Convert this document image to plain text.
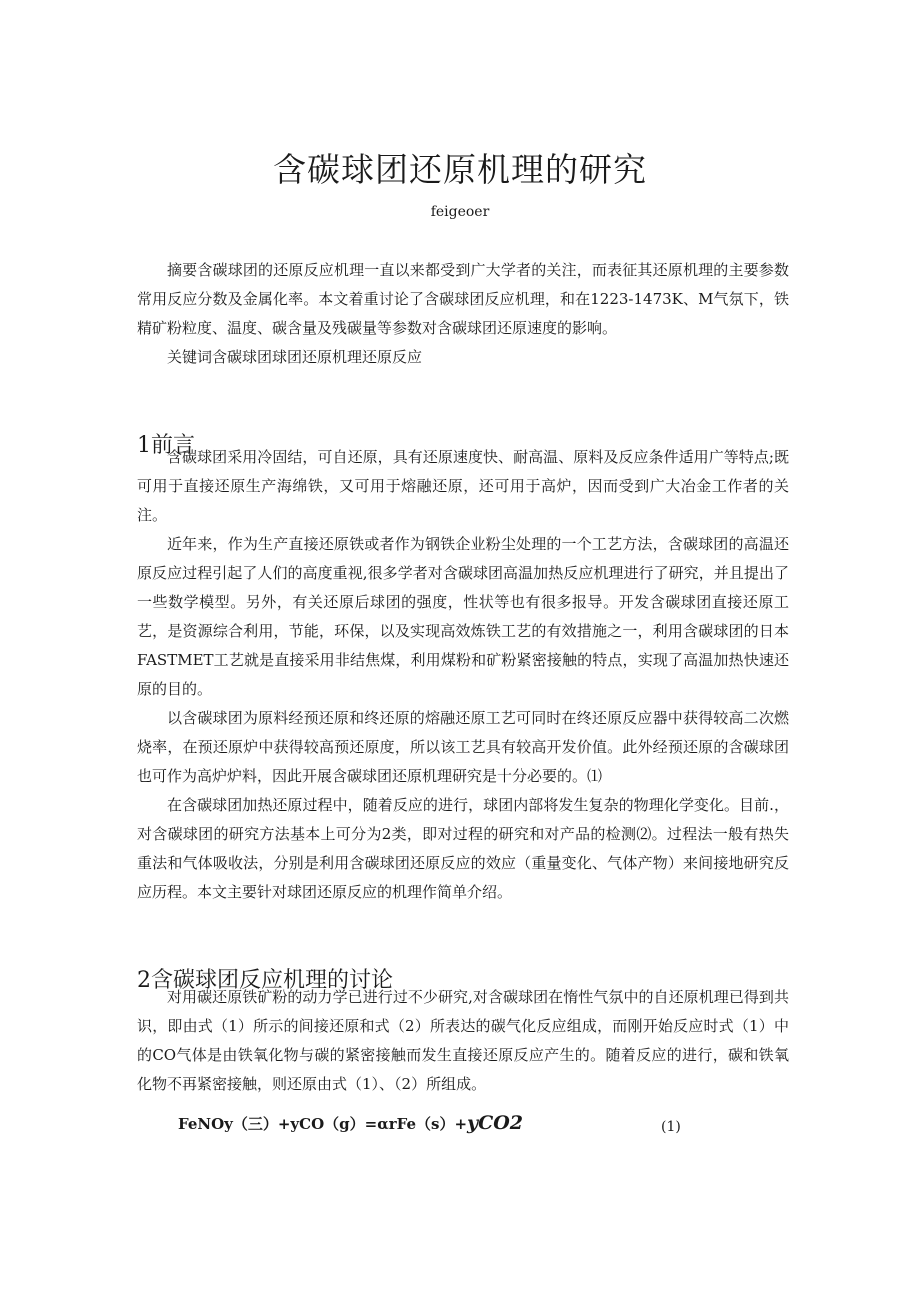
含碳球团还原机理的研究
feigeoer

摘要含碳球团的还原反应机理一直以来都受到广大学者的关注，而表征其还原机理的主要参数常用反应分数及金属化率。本文着重讨论了含碳球团反应机理，和在1223-1473K、M气氛下，铁精矿粉粒度、温度、碳含量及残碳量等参数对含碳球团还原速度的影响。

关键词含碳球团球团还原机理还原反应

1前言

含碳球团采用冷固结，可自还原，具有还原速度快、耐高温、原料及反应条件适用广等特点;既可用于直接还原生产海绵铁，又可用于熔融还原，还可用于高炉，因而受到广大冶金工作者的关注。

近年来，作为生产直接还原铁或者作为钢铁企业粉尘处理的一个工艺方法，含碳球团的高温还原反应过程引起了人们的高度重视,很多学者对含碳球团高温加热反应机理进行了研究，并且提出了一些数学模型。另外，有关还原后球团的强度，性状等也有很多报导。开发含碳球团直接还原工艺，是资源综合利用，节能，环保，以及实现高效炼铁工艺的有效措施之一，利用含碳球团的日本FASTMET工艺就是直接采用非结焦煤，利用煤粉和矿粉紧密接触的特点，实现了高温加热快速还原的目的。

以含碳球团为原料经预还原和终还原的熔融还原工艺可同时在终还原反应器中获得较高二次燃烧率，在预还原炉中获得较高预还原度，所以该工艺具有较高开发价值。此外经预还原的含碳球团也可作为高炉炉料，因此开展含碳球团还原机理研究是十分必要的。⑴

在含碳球团加热还原过程中，随着反应的进行，球团内部将发生复杂的物理化学变化。目前.，对含碳球团的研究方法基本上可分为2类，即对过程的研究和对产品的检测⑵。过程法一般有热失重法和气体吸收法，分别是利用含碳球团还原反应的效应（重量变化、气体产物）来间接地研究反应历程。本文主要针对球团还原反应的机理作简单介绍。

2含碳球团反应机理的讨论

对用碳还原铁矿粉的动力学已进行过不少研究,对含碳球团在惰性气氛中的自还原机理已得到共识，即由式（1）所示的间接还原和式（2）所表达的碳气化反应组成，而刚开始反应时式（1）中的CO气体是由铁氧化物与碳的紧密接触而发生直接还原反应产生的。随着反应的进行，碳和铁氧化物不再紧密接触，则还原由式（1）、（2）所组成。

FeNOy（三）+yCO（g）=αrFe（s）+yCO2	(1)
